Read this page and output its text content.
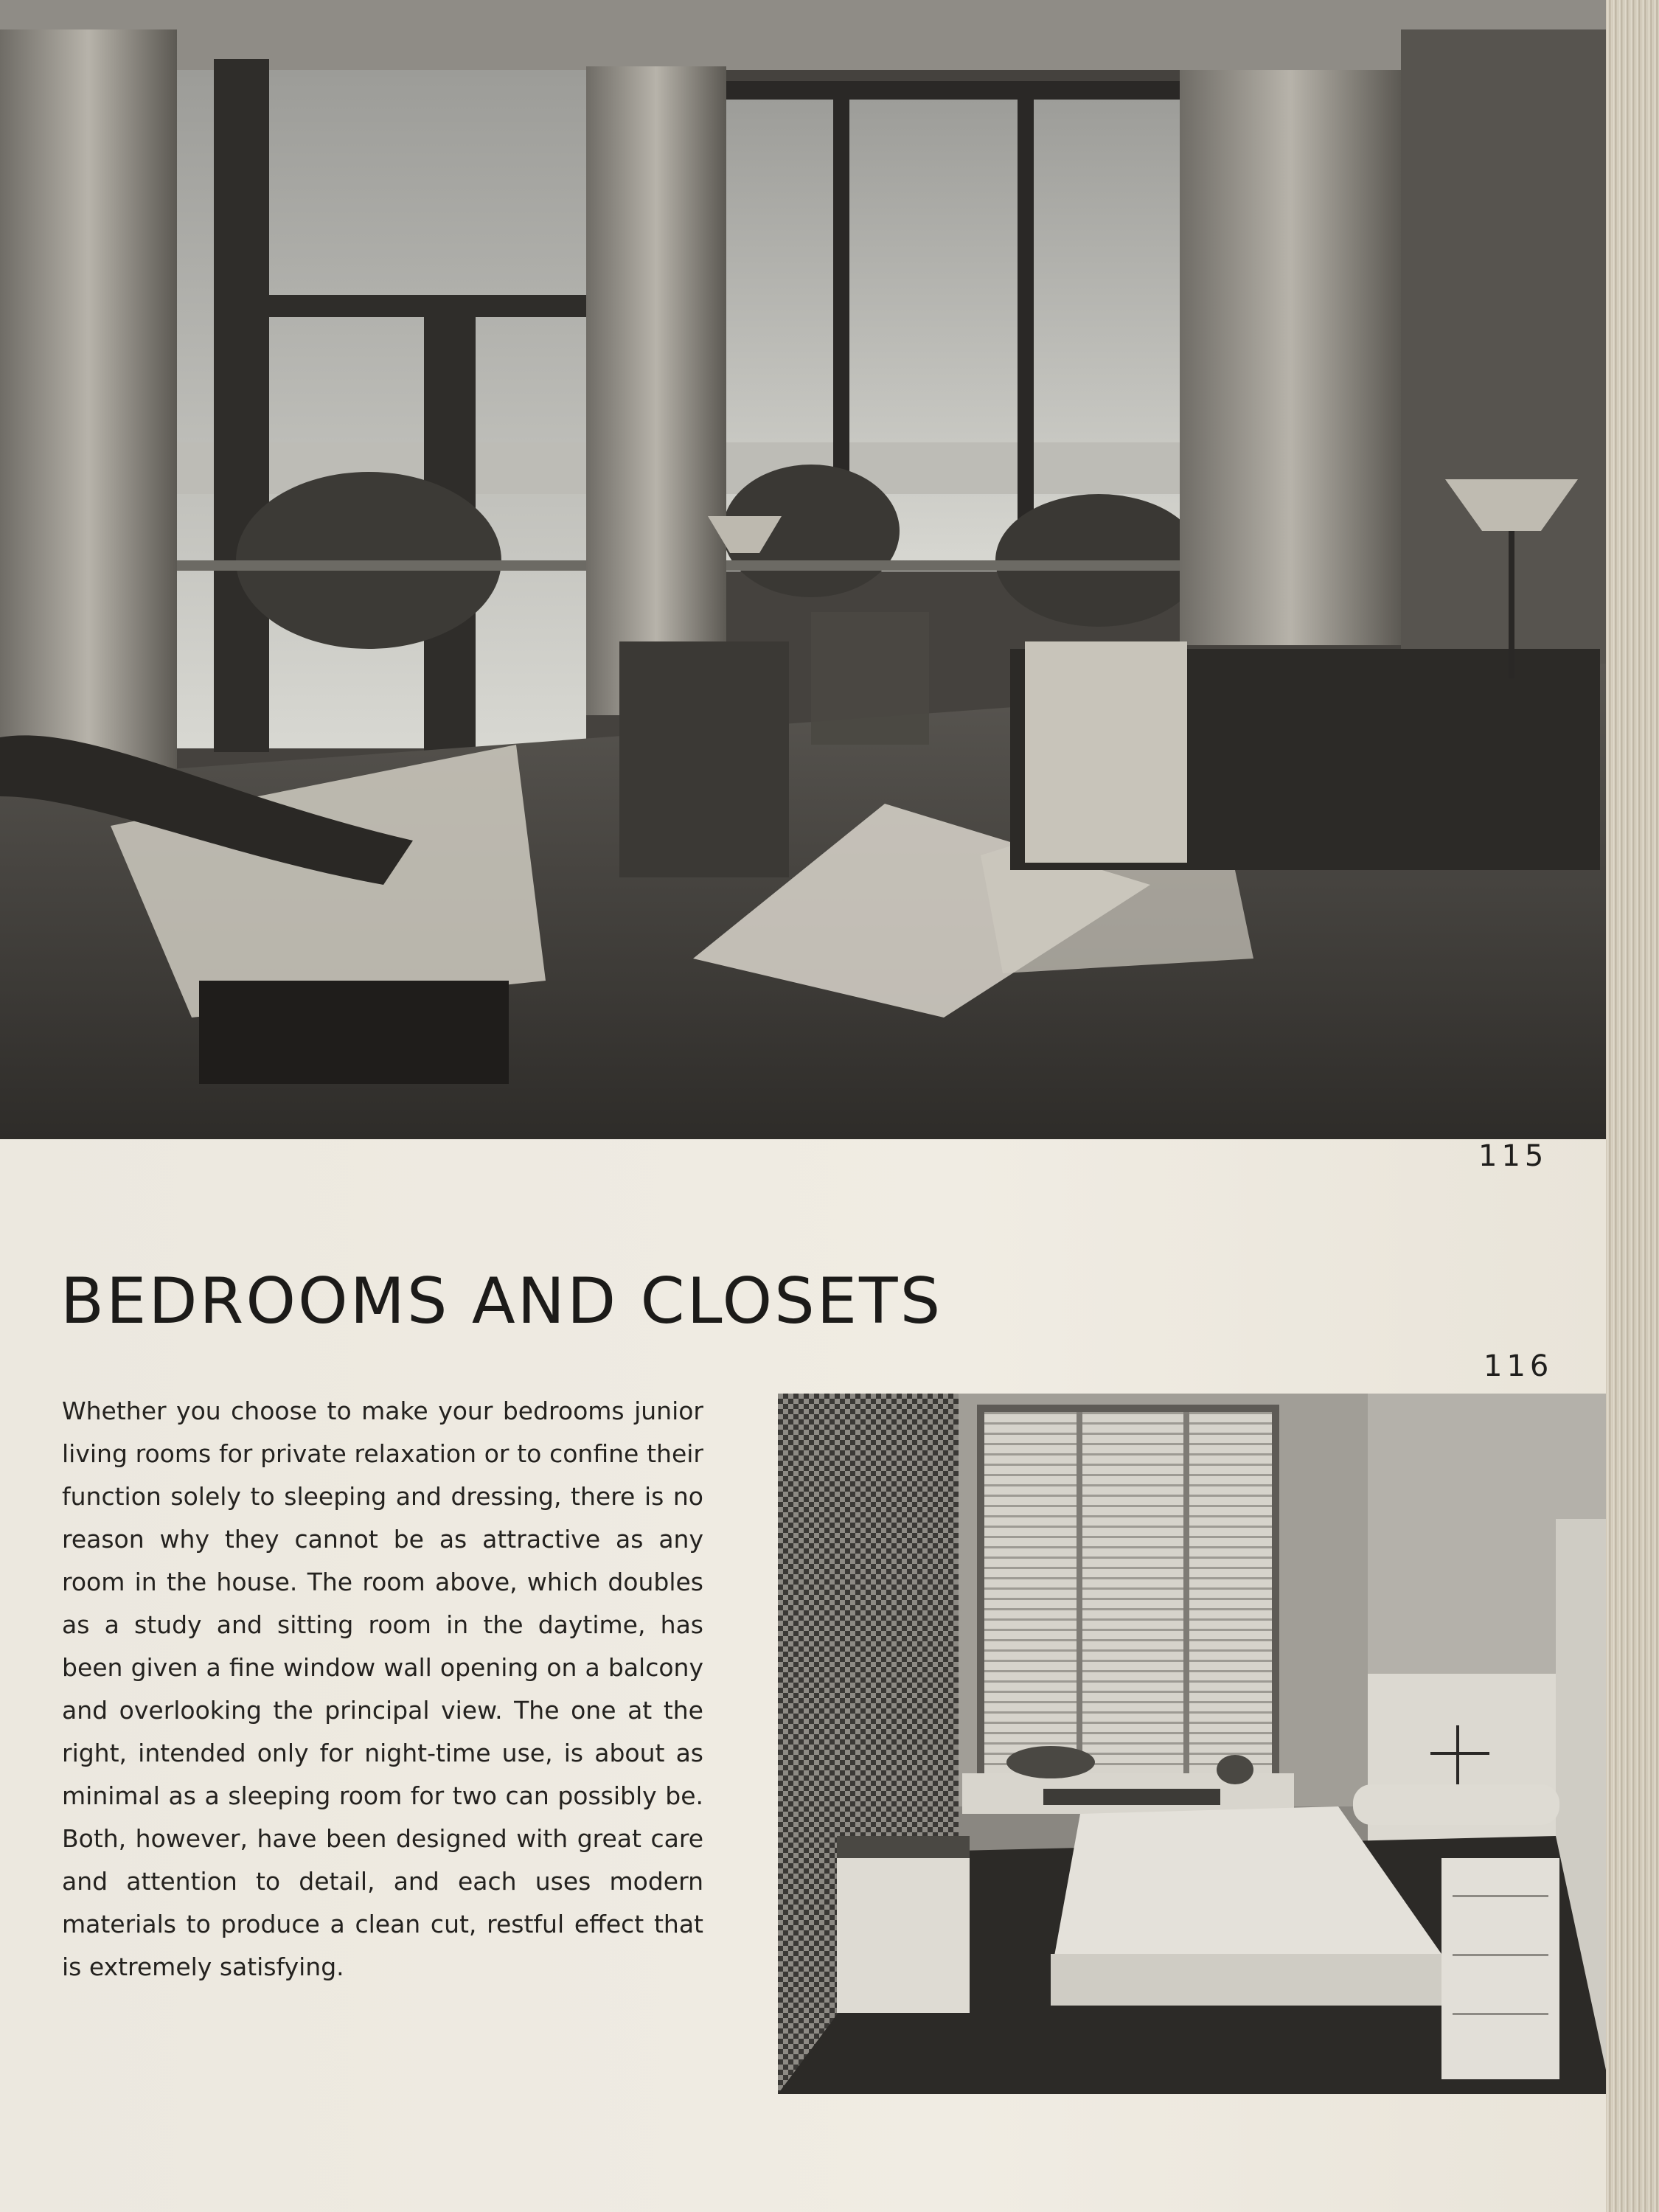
115
BEDROOMS AND CLOSETS
116

Whether you choose to make your bedrooms junior living rooms for private relaxation or to confine their function solely to sleeping and dressing, there is no reason why they cannot be as attractive as any room in the house. The room above, which doubles as a study and sitting room in the daytime, has been given a fine window wall opening on a balcony and overlooking the principal view. The one at the right, intended only for night-time use, is about as minimal as a sleeping room for two can possibly be. Both, however, have been designed with great care and attention to detail, and each uses modern materials to produce a clean cut, restful effect that is extremely satisfying.
